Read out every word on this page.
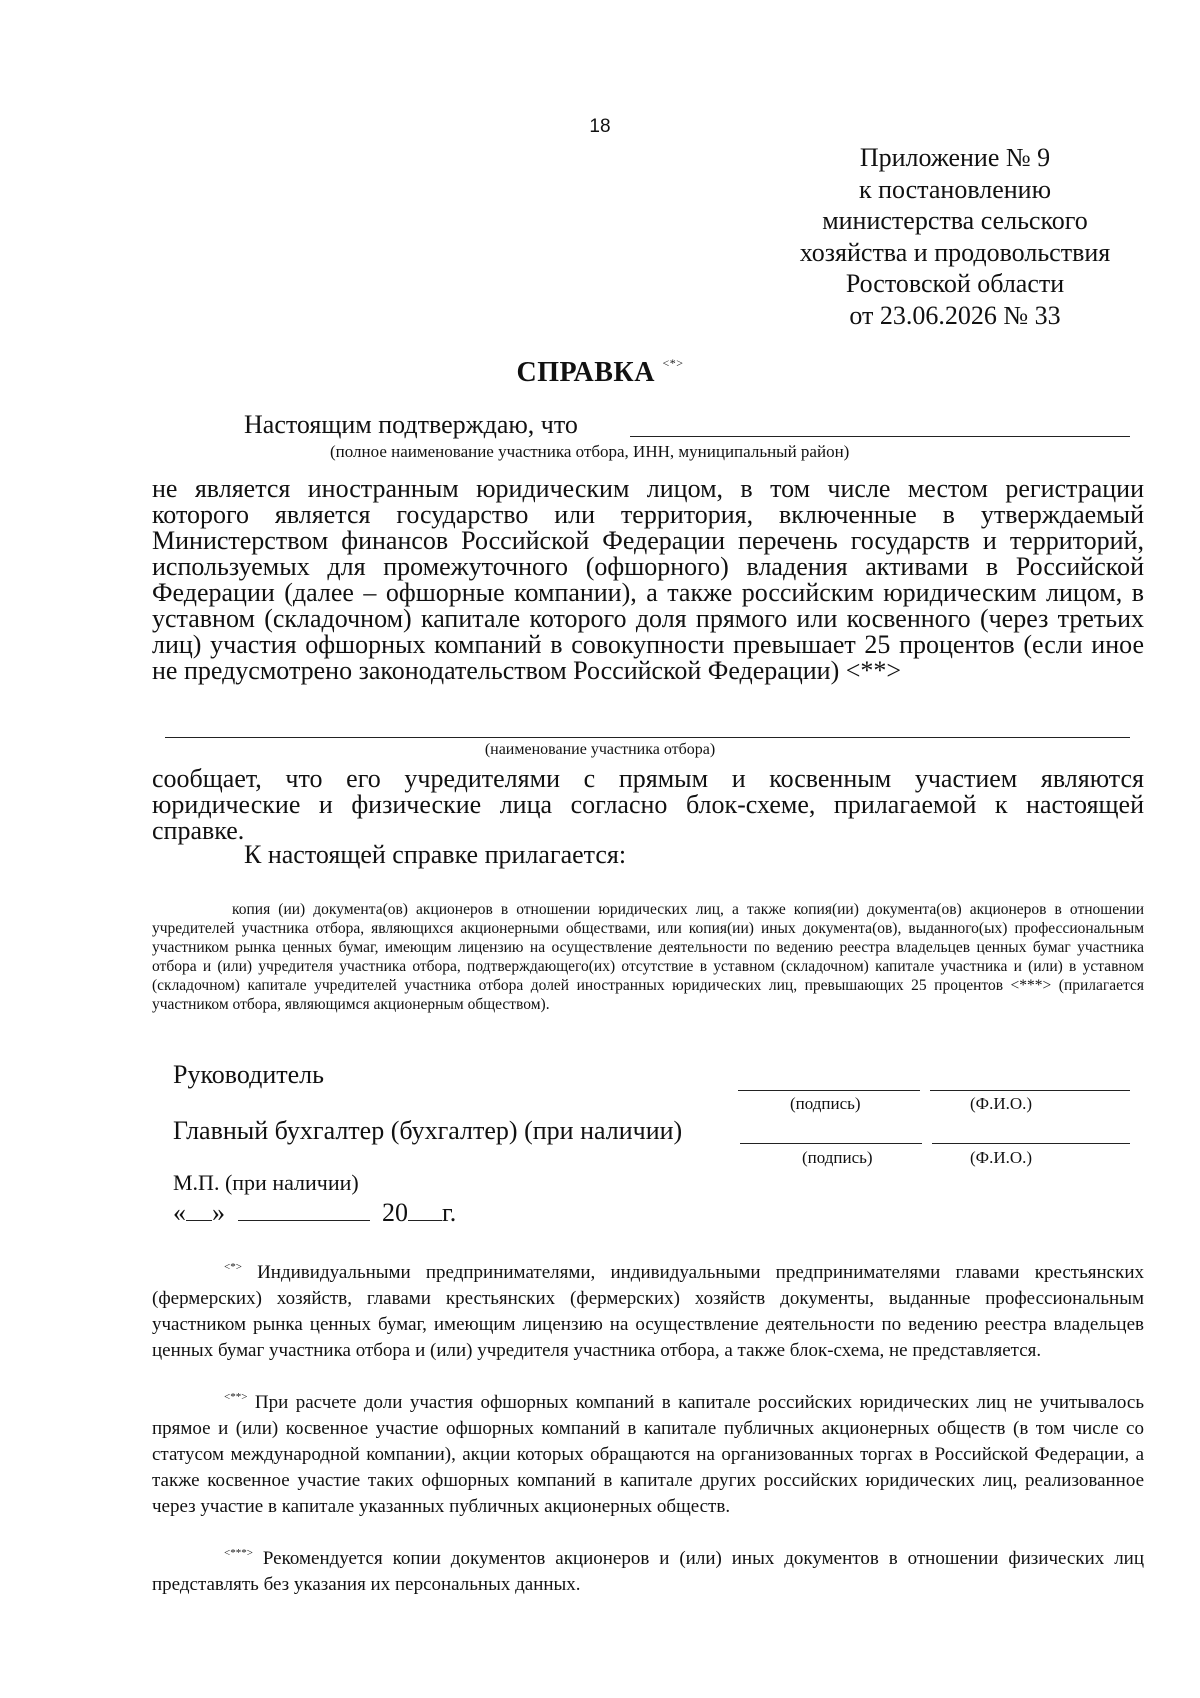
18
Приложение № 9
к постановлению
министерства сельского
хозяйства и продовольствия
Ростовской области
от 23.06.2026 № 33
СПРАВКА <*>
Настоящим подтверждаю, что
(полное наименование участника отбора, ИНН, муниципальный район)
не является иностранным юридическим лицом, в том числе местом регистрации которого является государство или территория, включенные в утверждаемый Министерством финансов Российской Федерации перечень государств и территорий, используемых для промежуточного (офшорного) владения активами в Российской Федерации (далее – офшорные компании), а также российским юридическим лицом, в уставном (складочном) капитале которого доля прямого или косвенного (через третьих лиц) участия офшорных компаний в совокупности превышает 25 процентов (если иное не предусмотрено законодательством Российской Федерации) <**>
(наименование участника отбора)
сообщает, что его учредителями с прямым и косвенным участием являются юридические и физические лица согласно блок-схеме, прилагаемой к настоящей справке.
К настоящей справке прилагается:
копия (ии) документа(ов) акционеров в отношении юридических лиц, а также копия(ии) документа(ов) акционеров в отношении учредителей участника отбора, являющихся акционерными обществами, или копия(ии) иных документа(ов), выданного(ых) профессиональным участником рынка ценных бумаг, имеющим лицензию на осуществление деятельности по ведению реестра владельцев ценных бумаг участника отбора и (или) учредителя участника отбора, подтверждающего(их) отсутствие в уставном (складочном) капитале участника и (или) в уставном (складочном) капитале учредителей участника отбора долей иностранных юридических лиц, превышающих 25 процентов <***> (прилагается участником отбора, являющимся акционерным обществом).
Руководитель
(подпись)	(Ф.И.О.)
Главный бухгалтер (бухгалтер) (при наличии)
(подпись)	(Ф.И.О.)
М.П. (при наличии)
« »	20 г.
<*> Индивидуальными предпринимателями, индивидуальными предпринимателями главами крестьянских (фермерских) хозяйств, главами крестьянских (фермерских) хозяйств документы, выданные профессиональным участником рынка ценных бумаг, имеющим лицензию на осуществление деятельности по ведению реестра владельцев ценных бумаг участника отбора и (или) учредителя участника отбора, а также блок-схема, не представляется.
<**> При расчете доли участия офшорных компаний в капитале российских юридических лиц не учитывалось прямое и (или) косвенное участие офшорных компаний в капитале публичных акционерных обществ (в том числе со статусом международной компании), акции которых обращаются на организованных торгах в Российской Федерации, а также косвенное участие таких офшорных компаний в капитале других российских юридических лиц, реализованное через участие в капитале указанных публичных акционерных обществ.
<***> Рекомендуется копии документов акционеров и (или) иных документов в отношении физических лиц представлять без указания их персональных данных.
